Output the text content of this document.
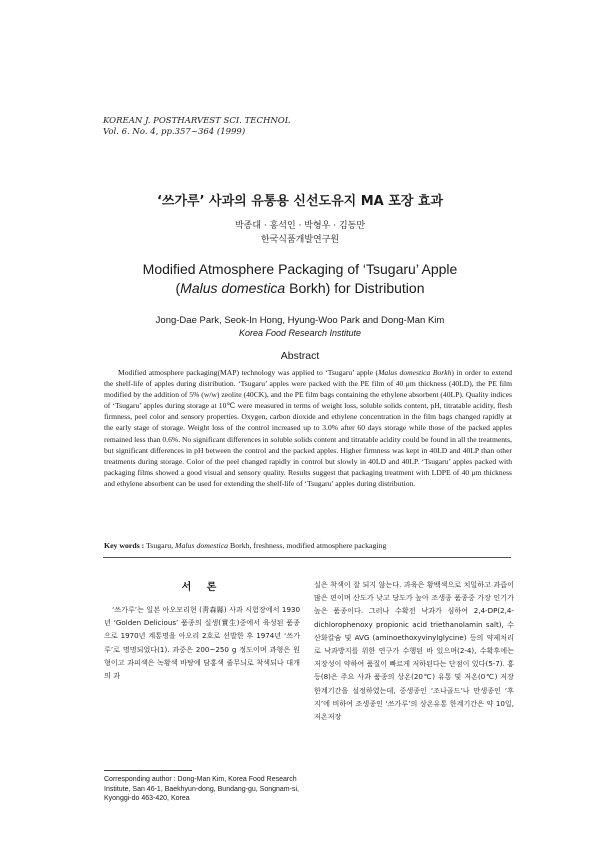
KOREAN J. POSTHARVEST SCI. TECHNOL
Vol. 6. No. 4, pp.357~364 (1999)
‘쓰가루’ 사과의 유통용 신선도유지 MA 포장 효과
박종대 · 홍석인 · 박형우 · 김동만
한국식품개발연구원
Modified Atmosphere Packaging of ‘Tsugaru’ Apple
(Malus domestica Borkh) for Distribution
Jong-Dae Park, Seok-In Hong, Hyung-Woo Park and Dong-Man Kim
Korea Food Research Institute
Abstract

Modified atmosphere packaging(MAP) technology was applied to ‘Tsugaru’ apple (Malus domestica Borkh) in order to extend the shelf-life of apples during distribution. ‘Tsugaru’ apples were packed with the PE film of 40 μm thickness (40LD), the PE film modified by the addition of 5% (w/w) zeolite (40CK), and the PE film bags containing the ethylene absorbent (40LP). Quality indices of ‘Tsugaru’ apples during storage at 10℃ were measured in terms of weight loss, soluble solids content, pH, titratable acidity, flesh firmness, peel color and sensory properties. Oxygen, carbon dioxide and ethylene concentration in the film bags changed rapidly at the early stage of storage. Weight loss of the control increased up to 3.0% after 60 days storage while those of the packed apples remained less than 0.6%. No significant differences in soluble solids content and titratable acidity could be found in all the treatments, but significant differences in pH between the control and the packed apples. Higher firmness was kept in 40LD and 40LP than other treatments during storage. Color of the peel changed rapidly in control but slowly in 40LD and 40LP. ‘Tsugaru’ apples packed with packaging films showed a good visual and sensory quality. Results suggest that packaging treatment with LDPE of 40 μm thickness and ethylene absorbent can be used for extending the shelf-life of ‘Tsugaru’ apples during distribution.

Key words : Tsugaru, Malus domestica Borkh, freshness, modified atmosphere packaging
서 론

‘쓰가루’는 일본 아오모리현 (靑森縣) 사과 시험장에서 1930년 ‘Golden Delicious’ 품종의 실생(實生)중에서 육성된 품종으로 1970년 계통명을 아오리 2호로 선발한 후 1974년 ‘쓰가루’로 명명되었다(1). 과중은 200~250 g 정도이며 과형은 원형이고 과피색은 녹황색 바탕에 담홍색 줄무늬로 착색되나 대개의 과

Corresponding author : Dong-Man Kim, Korea Food Research Institute, San 46-1, Baekhyun-dong, Bundang-gu, Songnam-si, Kyonggi-do 463-420, Korea

실은 착색이 잘 되지 않는다. 과육은 황백색으로 치밀하고 과즙이 많은 편이며 산도가 낮고 당도가 높아 조생종 품종중 가장 인기가 높은 품종이다. 그러나 수확전 낙과가 심하여 2,4-DP(2,4-dichlorophenoxy propionic acid triethanolamin salt), 수산화칼슘 및 AVG (aminoethoxyvinylglycine) 등의 약제처리로 낙과방지를 위한 연구가 수행된 바 있으며(2-4), 수확후에는 저장성이 약하여 품질이 빠르게 저하된다는 단점이 있다(5-7). 홍 등(8)은 주요 사과 품종의 상온(20℃) 유통 및 저온(0℃) 저장 한계기간을 설정하였는데, 중생종인 ‘조나골드’나 만생종인 ‘후지’에 비하여 조생종인 ‘쓰가루’의 상온유통 한계기간은 약 10일, 저온저장
